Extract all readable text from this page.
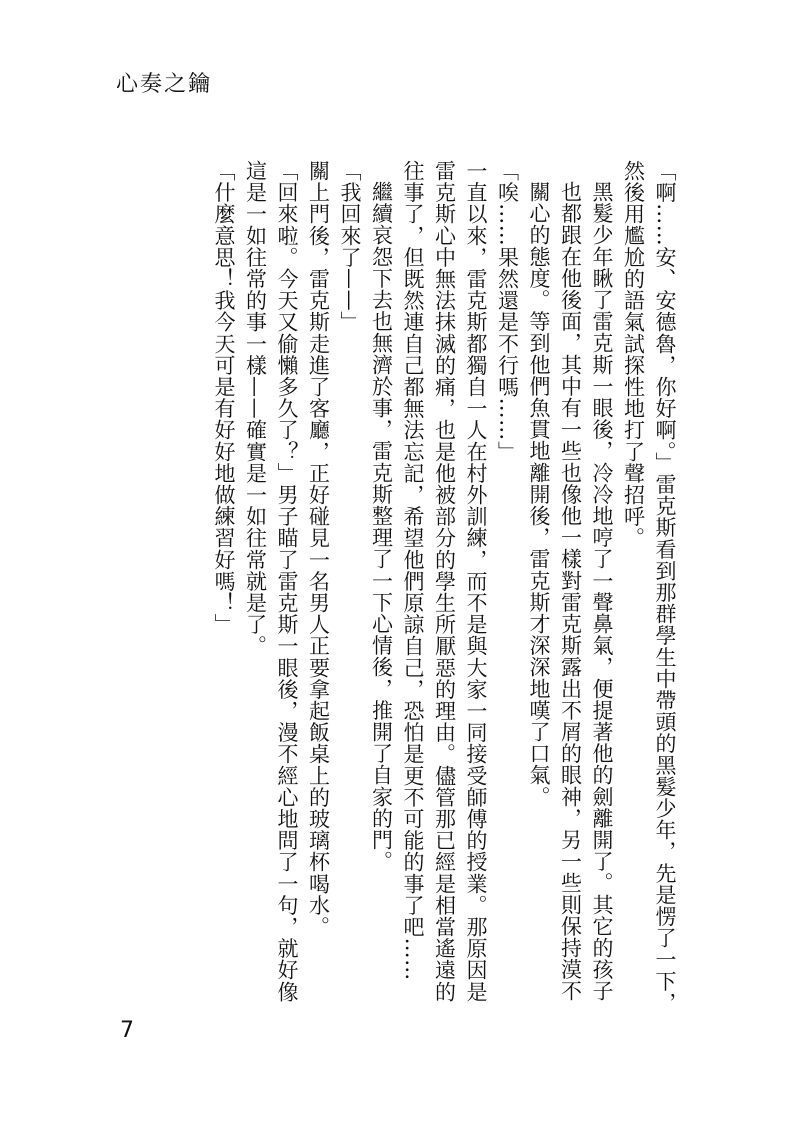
心奏之鑰

「啊……安、安德魯，你好啊。」雷克斯看到那群學生中帶頭的黑髮少年，先是愣了一下，然後用尷尬的語氣試探性地打了聲招呼。

黑髮少年瞅了雷克斯一眼後，冷冷地哼了一聲鼻氣，便提著他的劍離開了。其它的孩子也都跟在他後面，其中有一些也像他一樣對雷克斯露出不屑的眼神，另一些則保持漠不關心的態度。等到他們魚貫地離開後，雷克斯才深深地嘆了口氣。

「唉……果然還是不行嗎……」

一直以來，雷克斯都獨自一人在村外訓練，而不是與大家一同接受師傅的授業。那原因是雷克斯心中無法抹滅的痛，也是他被部分的學生所厭惡的理由。儘管那已經是相當遙遠的往事了，但既然連自己都無法忘記，希望他們原諒自己，恐怕是更不可能的事了吧……

繼續哀怨下去也無濟於事，雷克斯整理了一下心情後，推開了自家的門。

「我回來了——」

關上門後，雷克斯走進了客廳，正好碰見一名男人正要拿起飯桌上的玻璃杯喝水。

「回來啦。今天又偷懶多久了？」男子瞄了雷克斯一眼後，漫不經心地問了一句，就好像這是一如往常的事一樣——確實是一如往常就是了。

「什麼意思！我今天可是有好好地做練習好嗎！」

7
